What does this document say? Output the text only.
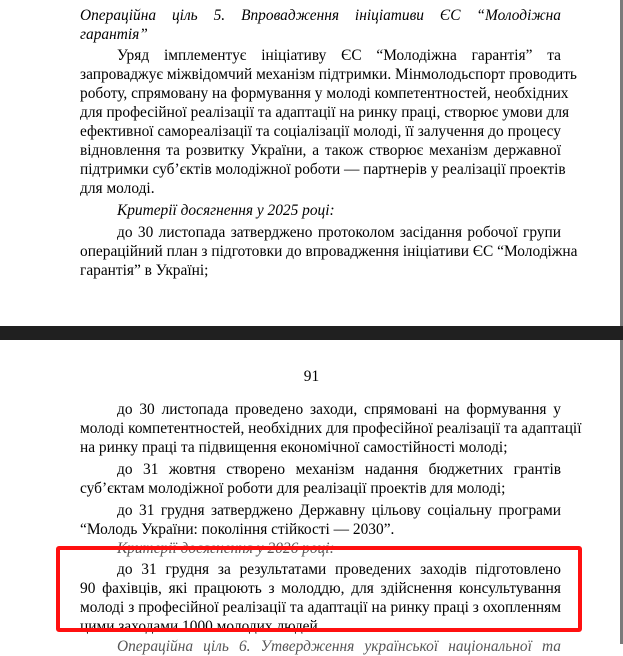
Операційна ціль 5. Впровадження ініціативи ЄС “Молодіжна
гарантія”
Уряд імплементує ініціативу ЄС “Молодіжна гарантія” та
запроваджує міжвідомчий механізм підтримки. Мінмолодьспорт проводить
роботу, спрямовану на формування у молоді компетентностей, необхідних
для професійної реалізації та адаптації на ринку праці, створює умови для
ефективної самореалізації та соціалізації молоді, її залучення до процесу
відновлення та розвитку України, а також створює механізм державної
підтримки суб’єктів молодіжної роботи — партнерів у реалізації проектів
для молоді.
Критерії досягнення у 2025 році:
до 30 листопада затверджено протоколом засідання робочої групи
операційний план з підготовки до впровадження ініціативи ЄС “Молодіжна
гарантія” в Україні;
91
до 30 листопада проведено заходи, спрямовані на формування у
молоді компетентностей, необхідних для професійної реалізації та адаптації
на ринку праці та підвищення економічної самостійності молоді;
до 31 жовтня створено механізм надання бюджетних грантів
суб’єктам молодіжної роботи для реалізації проектів для молоді;
до 31 грудня затверджено Державну цільову соціальну програми
“Молодь України: покоління стійкості — 2030”.
Критерії досягнення у 2026 році:
до 31 грудня за результатами проведених заходів підготовлено
90 фахівців, які працюють з молоддю, для здійснення консультування
молоді з професійної реалізації та адаптації на ринку праці з охопленням
цими заходами 1000 молодих людей.
Операційна ціль 6. Утвердження української національної та
